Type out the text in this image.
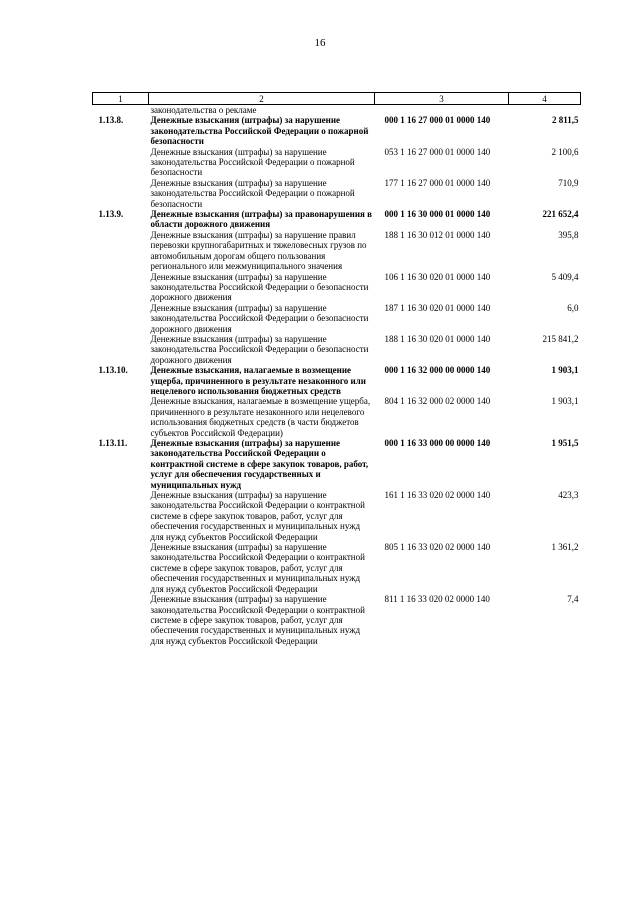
16
1	2	3	4
	законодательства о рекламе		
1.13.8.	Денежные взыскания (штрафы) за нарушение законодательства Российской Федерации о пожарной безопасности	000 1 16 27 000 01 0000 140	2 811,5
	Денежные взыскания (штрафы) за нарушение законодательства Российской Федерации о пожарной безопасности	053 1 16 27 000 01 0000 140	2 100,6
	Денежные взыскания (штрафы) за нарушение законодательства Российской Федерации о пожарной безопасности	177 1 16 27 000 01 0000 140	710,9
1.13.9.	Денежные взыскания (штрафы) за правонарушения в области дорожного движения	000 1 16 30 000 01 0000 140	221 652,4
	Денежные взыскания (штрафы) за нарушение правил перевозки крупногабаритных и тяжеловесных грузов по автомобильным дорогам общего пользования регионального или межмуниципального значения	188 1 16 30 012 01 0000 140	395,8
	Денежные взыскания (штрафы) за нарушение законодательства Российской Федерации о безопасности дорожного движения	106 1 16 30 020 01 0000 140	5 409,4
	Денежные взыскания (штрафы) за нарушение законодательства Российской Федерации о безопасности дорожного движения	187 1 16 30 020 01 0000 140	6,0
	Денежные взыскания (штрафы) за нарушение законодательства Российской Федерации о безопасности дорожного движения	188 1 16 30 020 01 0000 140	215 841,2
1.13.10.	Денежные взыскания, налагаемые в возмещение ущерба, причиненного в результате незаконного или нецелевого использования бюджетных средств	000 1 16 32 000 00 0000 140	1 903,1
	Денежные взыскания, налагаемые в возмещение ущерба, причиненного в результате незаконного или нецелевого использования бюджетных средств (в части бюджетов субъектов Российской Федерации)	804 1 16 32 000 02 0000 140	1 903,1
1.13.11.	Денежные взыскания (штрафы) за нарушение законодательства Российской Федерации о контрактной системе в сфере закупок товаров, работ, услуг для обеспечения государственных и муниципальных нужд	000 1 16 33 000 00 0000 140	1 951,5
	Денежные взыскания (штрафы) за нарушение законодательства Российской Федерации о контрактной системе в сфере закупок товаров, работ, услуг для обеспечения государственных и муниципальных нужд для нужд субъектов Российской Федерации	161 1 16 33 020 02 0000 140	423,3
	Денежные взыскания (штрафы) за нарушение законодательства Российской Федерации о контрактной системе в сфере закупок товаров, работ, услуг для обеспечения государственных и муниципальных нужд для нужд субъектов Российской Федерации	805 1 16 33 020 02 0000 140	1 361,2
	Денежные взыскания (штрафы) за нарушение законодательства Российской Федерации о контрактной системе в сфере закупок товаров, работ, услуг для обеспечения государственных и муниципальных нужд для нужд субъектов Российской Федерации	811 1 16 33 020 02 0000 140	7,4
